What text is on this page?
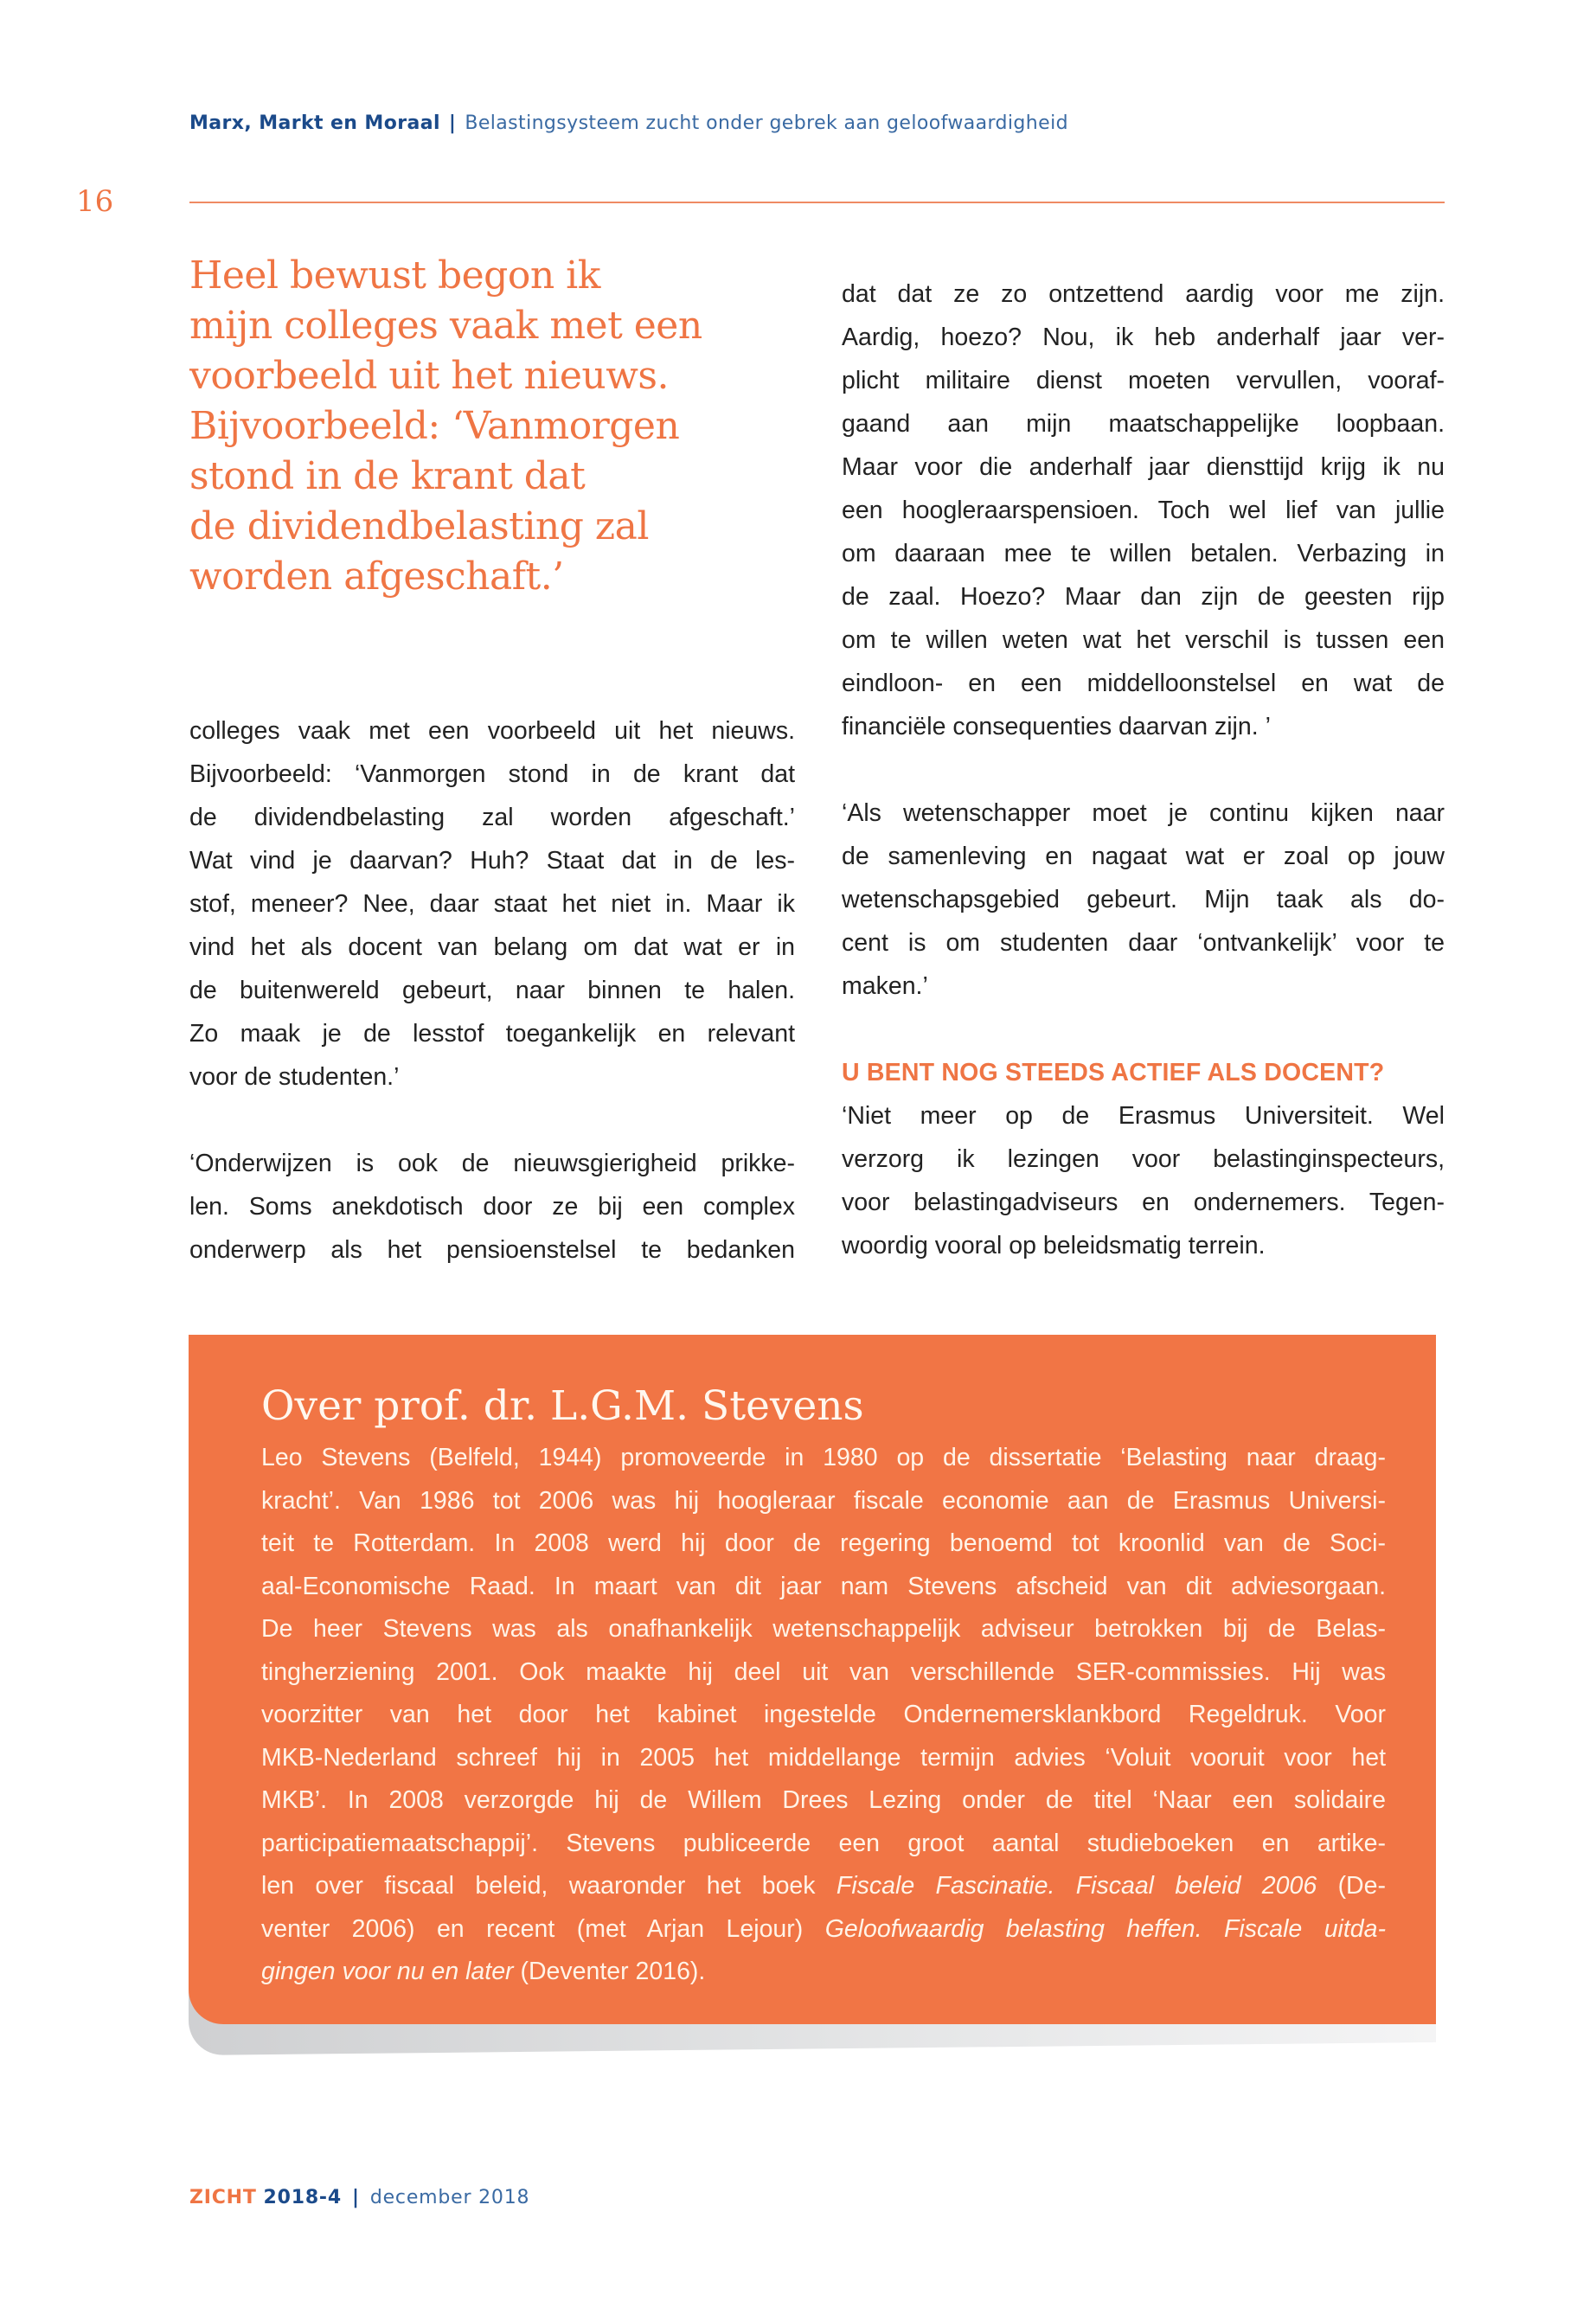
Marx, Markt en Moraal | Belastingsysteem zucht onder gebrek aan geloofwaardigheid
16
Heel bewust begon ik
mijn colleges vaak met een
voorbeeld uit het nieuws.
Bijvoorbeeld: ‘Vanmorgen
stond in de krant dat
de dividendbelasting zal
worden afgeschaft.’

colleges vaak met een voorbeeld uit het nieuws.
Bijvoorbeeld: ‘Vanmorgen stond in de krant dat
de dividendbelasting zal worden afgeschaft.’
Wat vind je daarvan? Huh? Staat dat in de les-
stof, meneer? Nee, daar staat het niet in. Maar ik
vind het als docent van belang om dat wat er in
de buitenwereld gebeurt, naar binnen te halen.
Zo maak je de lesstof toegankelijk en relevant
voor de studenten.’

‘Onderwijzen is ook de nieuwsgierigheid prikke-
len. Soms anekdotisch door ze bij een complex
onderwerp als het pensioenstelsel te bedanken

dat dat ze zo ontzettend aardig voor me zijn.
Aardig, hoezo? Nou, ik heb anderhalf jaar ver-
plicht militaire dienst moeten vervullen, vooraf-
gaand aan mijn maatschappelijke loopbaan.
Maar voor die anderhalf jaar diensttijd krijg ik nu
een hoogleraarspensioen. Toch wel lief van jullie
om daaraan mee te willen betalen. Verbazing in
de zaal. Hoezo? Maar dan zijn de geesten rijp
om te willen weten wat het verschil is tussen een
eindloon- en een middelloonstelsel en wat de
financiële consequenties daarvan zijn. ’

‘Als wetenschapper moet je continu kijken naar
de samenleving en nagaat wat er zoal op jouw
wetenschapsgebied gebeurt. Mijn taak als do-
cent is om studenten daar ‘ontvankelijk’ voor te
maken.’

U BENT NOG STEEDS ACTIEF ALS DOCENT?

‘Niet meer op de Erasmus Universiteit. Wel
verzorg ik lezingen voor belastinginspecteurs,
voor belastingadviseurs en ondernemers. Tegen-
woordig vooral op beleidsmatig terrein.

Over prof. dr. L.G.M. Stevens
Leo Stevens (Belfeld, 1944) promoveerde in 1980 op de dissertatie ‘Belasting naar draag-
kracht’. Van 1986 tot 2006 was hij hoogleraar fiscale economie aan de Erasmus Universi-
teit te Rotterdam. In 2008 werd hij door de regering benoemd tot kroonlid van de Soci-
aal-Economische Raad. In maart van dit jaar nam Stevens afscheid van dit adviesorgaan.
De heer Stevens was als onafhankelijk wetenschappelijk adviseur betrokken bij de Belas-
tingherziening 2001. Ook maakte hij deel uit van verschillende SER-commissies. Hij was
voorzitter van het door het kabinet ingestelde Ondernemersklankbord Regeldruk. Voor
MKB-Nederland schreef hij in 2005 het middellange termijn advies ‘Voluit vooruit voor het
MKB’. In 2008 verzorgde hij de Willem Drees Lezing onder de titel ‘Naar een solidaire
participatiemaatschappij’. Stevens publiceerde een groot aantal studieboeken en artike-
len over fiscaal beleid, waaronder het boek Fiscale Fascinatie. Fiscaal beleid 2006 (De-
venter 2006) en recent (met Arjan Lejour) Geloofwaardig belasting heffen. Fiscale uitda-
gingen voor nu en later (Deventer 2016).
ZICHT 2018-4 | december 2018
